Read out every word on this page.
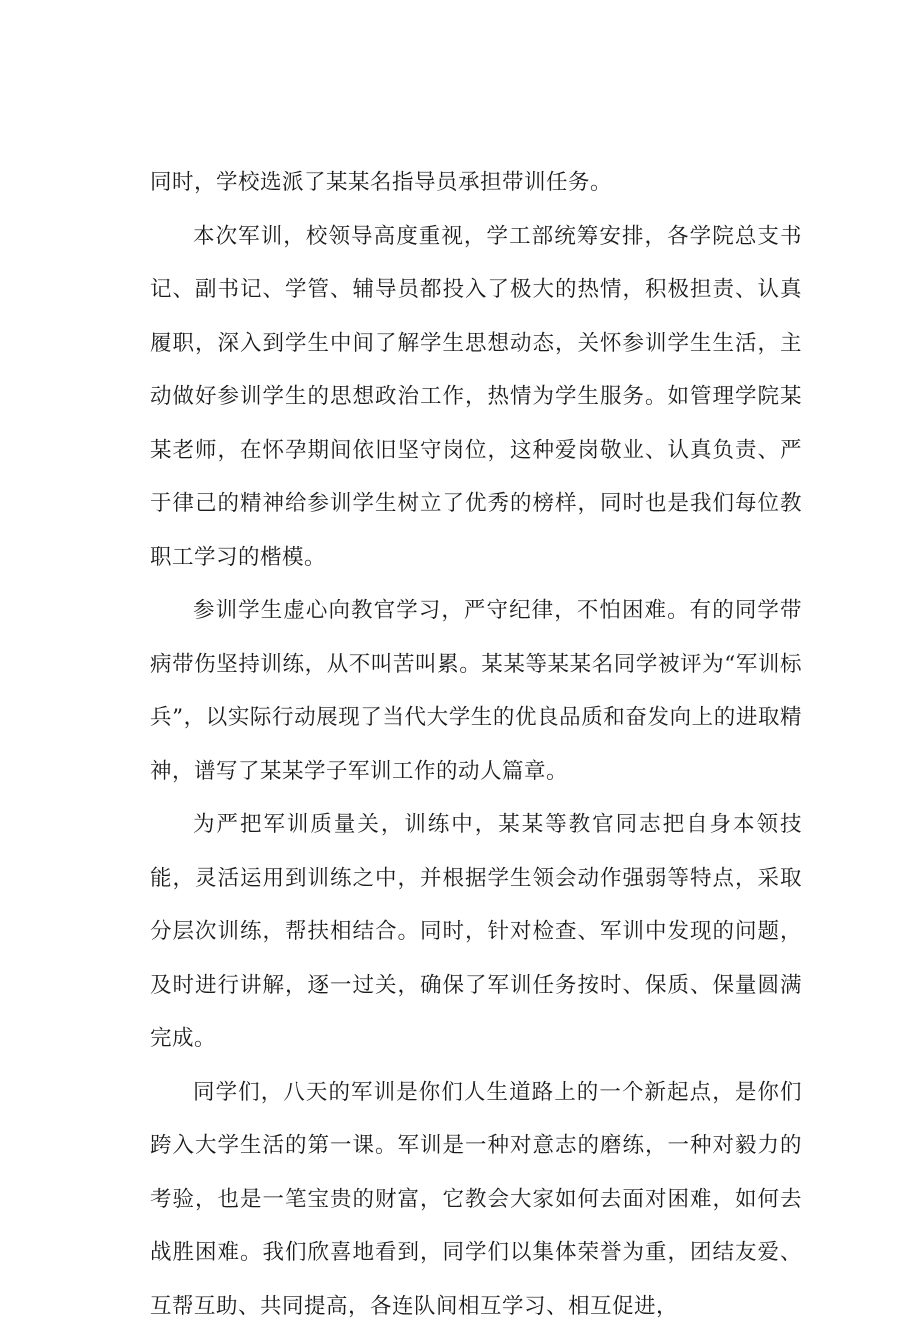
同时，学校选派了某某名指导员承担带训任务。

本次军训，校领导高度重视，学工部统筹安排，各学院总支书记、副书记、学管、辅导员都投入了极大的热情，积极担责、认真履职，深入到学生中间了解学生思想动态，关怀参训学生生活，主动做好参训学生的思想政治工作，热情为学生服务。如管理学院某某老师，在怀孕期间依旧坚守岗位，这种爱岗敬业、认真负责、严于律己的精神给参训学生树立了优秀的榜样，同时也是我们每位教职工学习的楷模。

参训学生虚心向教官学习，严守纪律，不怕困难。有的同学带病带伤坚持训练，从不叫苦叫累。某某等某某名同学被评为“军训标兵”，以实际行动展现了当代大学生的优良品质和奋发向上的进取精神，谱写了某某学子军训工作的动人篇章。

为严把军训质量关，训练中，某某等教官同志把自身本领技能，灵活运用到训练之中，并根据学生领会动作强弱等特点，采取分层次训练，帮扶相结合。同时，针对检查、军训中发现的问题，及时进行讲解，逐一过关，确保了军训任务按时、保质、保量圆满完成。

同学们，八天的军训是你们人生道路上的一个新起点，是你们跨入大学生活的第一课。军训是一种对意志的磨练，一种对毅力的考验，也是一笔宝贵的财富，它教会大家如何去面对困难，如何去战胜困难。我们欣喜地看到，同学们以集体荣誉为重，团结友爱、互帮互助、共同提高，各连队间相互学习、相互促进，
